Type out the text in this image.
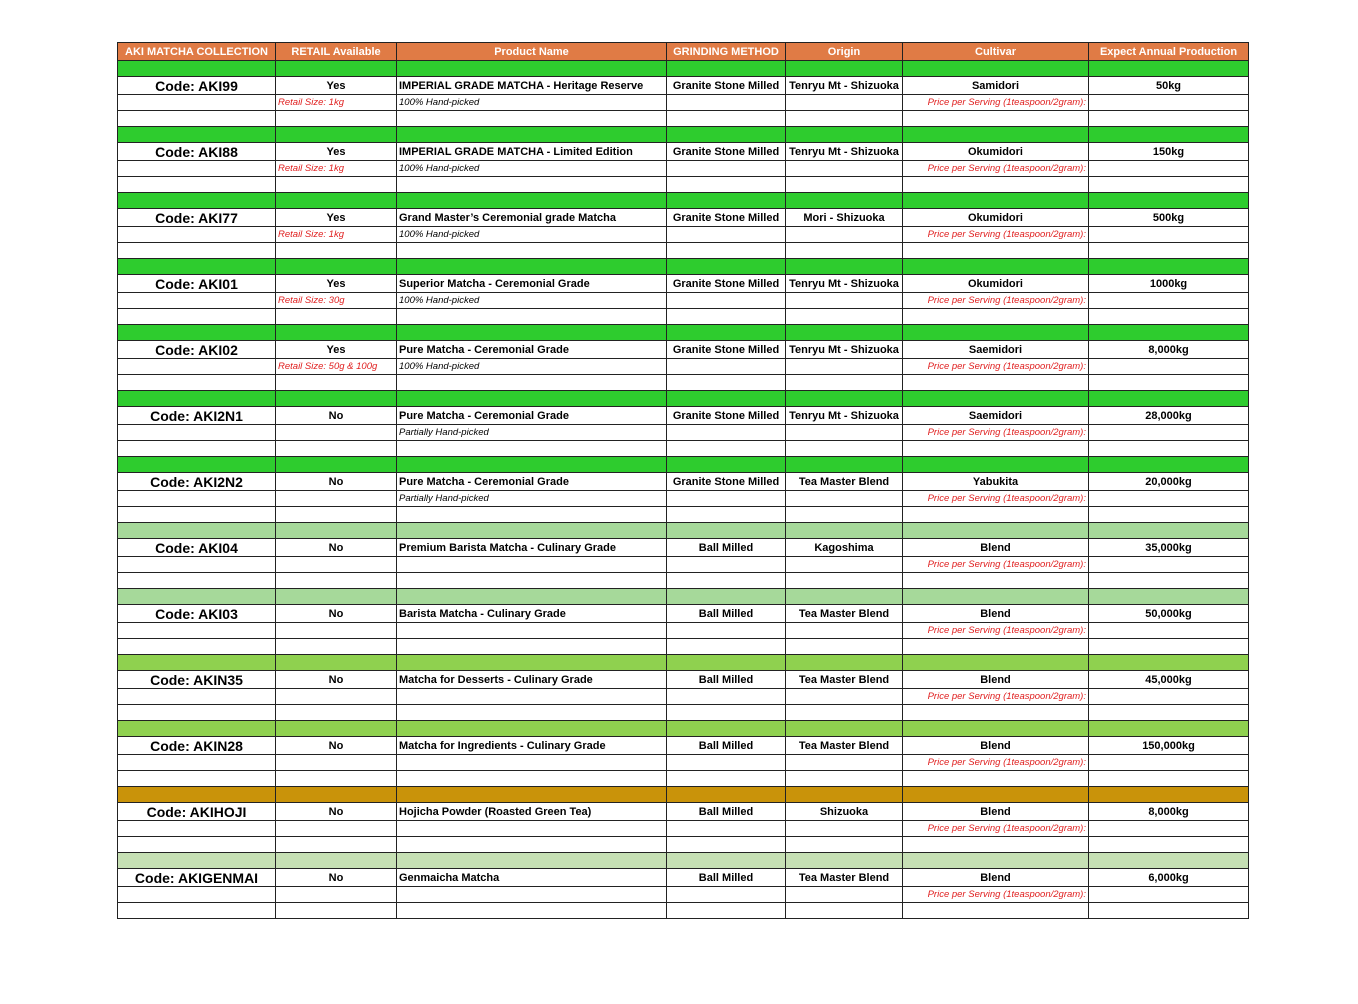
AKI MATCHA COLLECTION	RETAIL Available	Product Name	GRINDING METHOD	Origin	Cultivar	Expect Annual Production

Code: AKI99	Yes	IMPERIAL GRADE MATCHA - Heritage Reserve	Granite Stone Milled	Tenryu Mt - Shizuoka	Samidori	50kg
	Retail Size: 1kg	100% Hand-picked			Price per Serving (1teaspoon/2gram):	

Code: AKI88	Yes	IMPERIAL GRADE MATCHA - Limited Edition	Granite Stone Milled	Tenryu Mt - Shizuoka	Okumidori	150kg
	Retail Size: 1kg	100% Hand-picked			Price per Serving (1teaspoon/2gram):	

Code: AKI77	Yes	Grand Master’s Ceremonial grade Matcha	Granite Stone Milled	Mori - Shizuoka	Okumidori	500kg
	Retail Size: 1kg	100% Hand-picked			Price per Serving (1teaspoon/2gram):	

Code: AKI01	Yes	Superior Matcha - Ceremonial Grade	Granite Stone Milled	Tenryu Mt - Shizuoka	Okumidori	1000kg
	Retail Size: 30g	100% Hand-picked			Price per Serving (1teaspoon/2gram):	

Code: AKI02	Yes	Pure Matcha - Ceremonial Grade	Granite Stone Milled	Tenryu Mt - Shizuoka	Saemidori	8,000kg
	Retail Size: 50g & 100g	100% Hand-picked			Price per Serving (1teaspoon/2gram):	

Code: AKI2N1	No	Pure Matcha - Ceremonial Grade	Granite Stone Milled	Tenryu Mt - Shizuoka	Saemidori	28,000kg
		Partially Hand-picked			Price per Serving (1teaspoon/2gram):	

Code: AKI2N2	No	Pure Matcha - Ceremonial Grade	Granite Stone Milled	Tea Master Blend	Yabukita	20,000kg
		Partially Hand-picked			Price per Serving (1teaspoon/2gram):	

Code: AKI04	No	Premium Barista Matcha - Culinary Grade	Ball Milled	Kagoshima	Blend	35,000kg
					Price per Serving (1teaspoon/2gram):	

Code: AKI03	No	Barista Matcha - Culinary Grade	Ball Milled	Tea Master Blend	Blend	50,000kg
					Price per Serving (1teaspoon/2gram):	

Code: AKIN35	No	Matcha for Desserts - Culinary Grade	Ball Milled	Tea Master Blend	Blend	45,000kg
					Price per Serving (1teaspoon/2gram):	

Code: AKIN28	No	Matcha for Ingredients - Culinary Grade	Ball Milled	Tea Master Blend	Blend	150,000kg
					Price per Serving (1teaspoon/2gram):	

Code: AKIHOJI	No	Hojicha Powder (Roasted Green Tea)	Ball Milled	Shizuoka	Blend	8,000kg
					Price per Serving (1teaspoon/2gram):	

Code: AKIGENMAI	No	Genmaicha Matcha	Ball Milled	Tea Master Blend	Blend	6,000kg
					Price per Serving (1teaspoon/2gram):	
